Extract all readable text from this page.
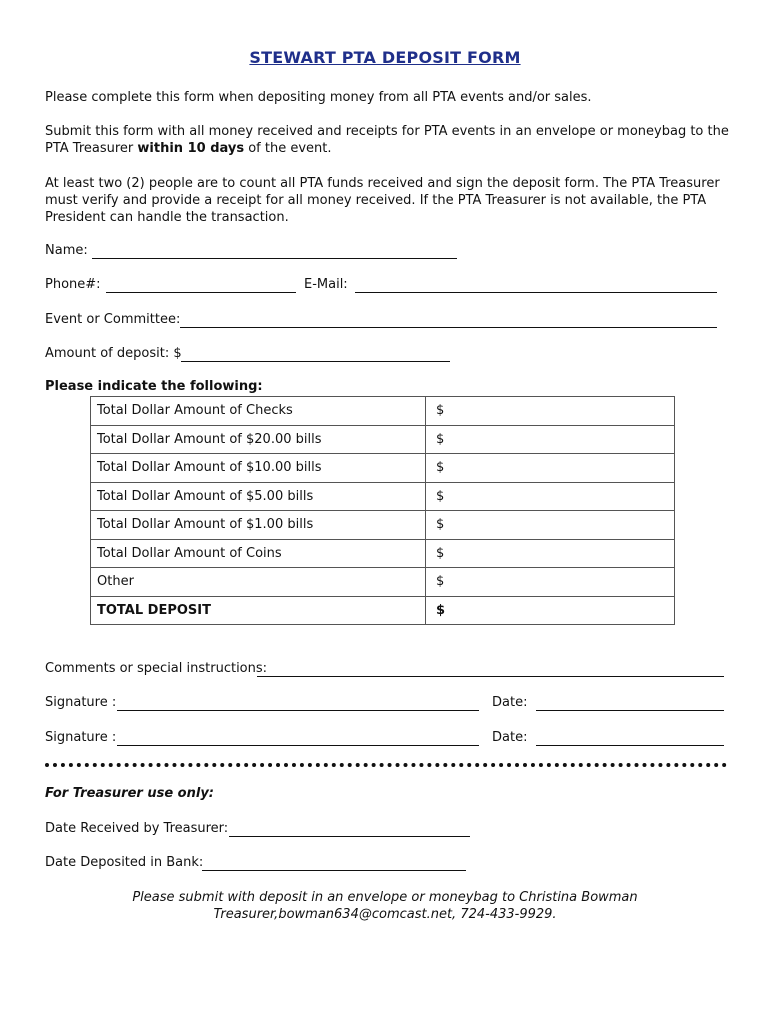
STEWART PTA DEPOSIT FORM
Please complete this form when depositing money from all PTA events and/or sales.
Submit this form with all money received and receipts for PTA events in an envelope or moneybag to the PTA Treasurer within 10 days of the event.
At least two (2) people are to count all PTA funds received and sign the deposit form. The PTA Treasurer must verify and provide a receipt for all money received. If the PTA Treasurer is not available, the PTA President can handle the transaction.
Name:
Phone#:	E-Mail:
Event or Committee:
Amount of deposit: $
Please indicate the following:
Total Dollar Amount of Checks	$
Total Dollar Amount of $20.00 bills	$
Total Dollar Amount of $10.00 bills	$
Total Dollar Amount of $5.00 bills	$
Total Dollar Amount of $1.00 bills	$
Total Dollar Amount of Coins	$
Other	$
TOTAL DEPOSIT	$
Comments or special instructions:
Signature :	Date:
Signature :	Date:
For Treasurer use only:
Date Received by Treasurer:
Date Deposited in Bank:
Please submit with deposit in an envelope or moneybag to Christina Bowman
Treasurer,bowman634@comcast.net, 724-433-9929.
